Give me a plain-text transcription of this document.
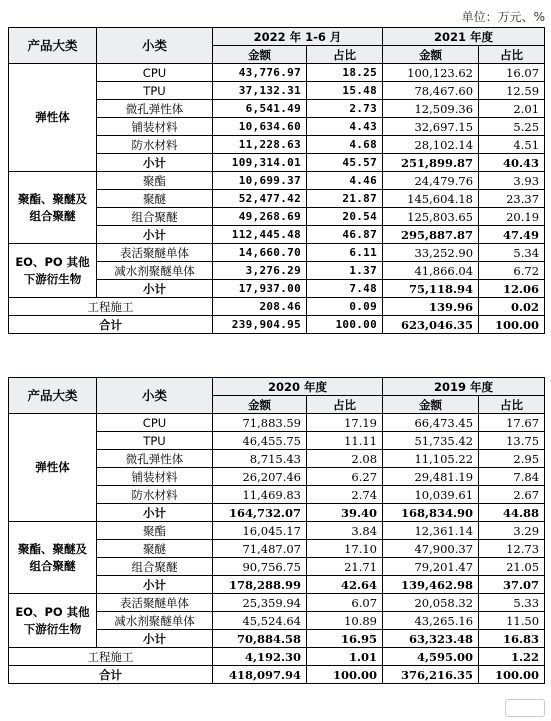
单位：万元、%
产品大类	小类	2022 年 1-6 月		2021 年度	
		金额	占比	金额	占比
弹性体	CPU	43,776.97	18.25	100,123.62	16.07
	TPU	37,132.31	15.48	78,467.60	12.59
	微孔弹性体	6,541.49	2.73	12,509.36	2.01
	铺装材料	10,634.60	4.43	32,697.15	5.25
	防水材料	11,228.63	4.68	28,102.14	4.51
	小计	109,314.01	45.57	251,899.87	40.43
聚酯、聚醚及组合聚醚	聚酯	10,699.37	4.46	24,479.76	3.93
	聚醚	52,477.42	21.87	145,604.18	23.37
	组合聚醚	49,268.69	20.54	125,803.65	20.19
	小计	112,445.48	46.87	295,887.87	47.49
EO、PO 其他下游衍生物	表活聚醚单体	14,660.70	6.11	33,252.90	5.34
	减水剂聚醚单体	3,276.29	1.37	41,866.04	6.72
	小计	17,937.00	7.48	75,118.94	12.06
工程施工		208.46	0.09	139.96	0.02
合计		239,904.95	100.00	623,046.35	100.00
产品大类	小类	2020 年度		2019 年度	
		金额	占比	金额	占比
弹性体	CPU	71,883.59	17.19	66,473.45	17.67
	TPU	46,455.75	11.11	51,735.42	13.75
	微孔弹性体	8,715.43	2.08	11,105.22	2.95
	铺装材料	26,207.46	6.27	29,481.19	7.84
	防水材料	11,469.83	2.74	10,039.61	2.67
	小计	164,732.07	39.40	168,834.90	44.88
聚酯、聚醚及组合聚醚	聚酯	16,045.17	3.84	12,361.14	3.29
	聚醚	71,487.07	17.10	47,900.37	12.73
	组合聚醚	90,756.75	21.71	79,201.47	21.05
	小计	178,288.99	42.64	139,462.98	37.07
EO、PO 其他下游衍生物	表活聚醚单体	25,359.94	6.07	20,058.32	5.33
	减水剂聚醚单体	45,524.64	10.89	43,265.16	11.50
	小计	70,884.58	16.95	63,323.48	16.83
工程施工		4,192.30	1.01	4,595.00	1.22
合计		418,097.94	100.00	376,216.35	100.00
